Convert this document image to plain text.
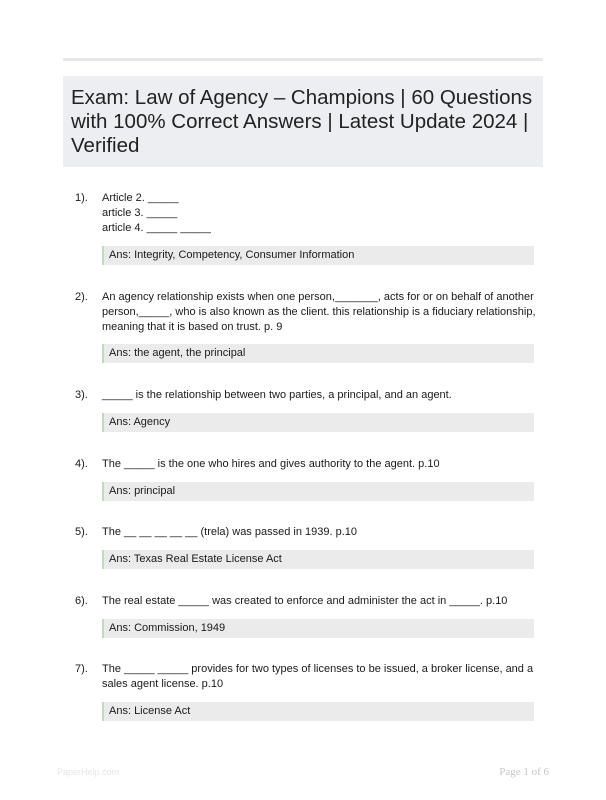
Exam: Law of Agency – Champions | 60 Questions with 100% Correct Answers | Latest Update 2024 | Verified
1). Article 2. _____
article 3. _____
article 4. _____ _____
Ans: Integrity, Competency, Consumer Information
2). An agency relationship exists when one person,_______, acts for or on behalf of another person,_____, who is also known as the client. this relationship is a fiduciary relationship, meaning that it is based on trust. p. 9
Ans: the agent, the principal
3). _____ is the relationship between two parties, a principal, and an agent.
Ans: Agency
4). The _____ is the one who hires and gives authority to the agent. p.10
Ans: principal
5). The __ __ __ __ __ (trela) was passed in 1939. p.10
Ans: Texas Real Estate License Act
6). The real estate _____ was created to enforce and administer the act in _____. p.10
Ans: Commission, 1949
7). The _____ _____ provides for two types of licenses to be issued, a broker license, and a sales agent license. p.10
Ans: License Act
PaperHelp.com	Page 1 of 6
